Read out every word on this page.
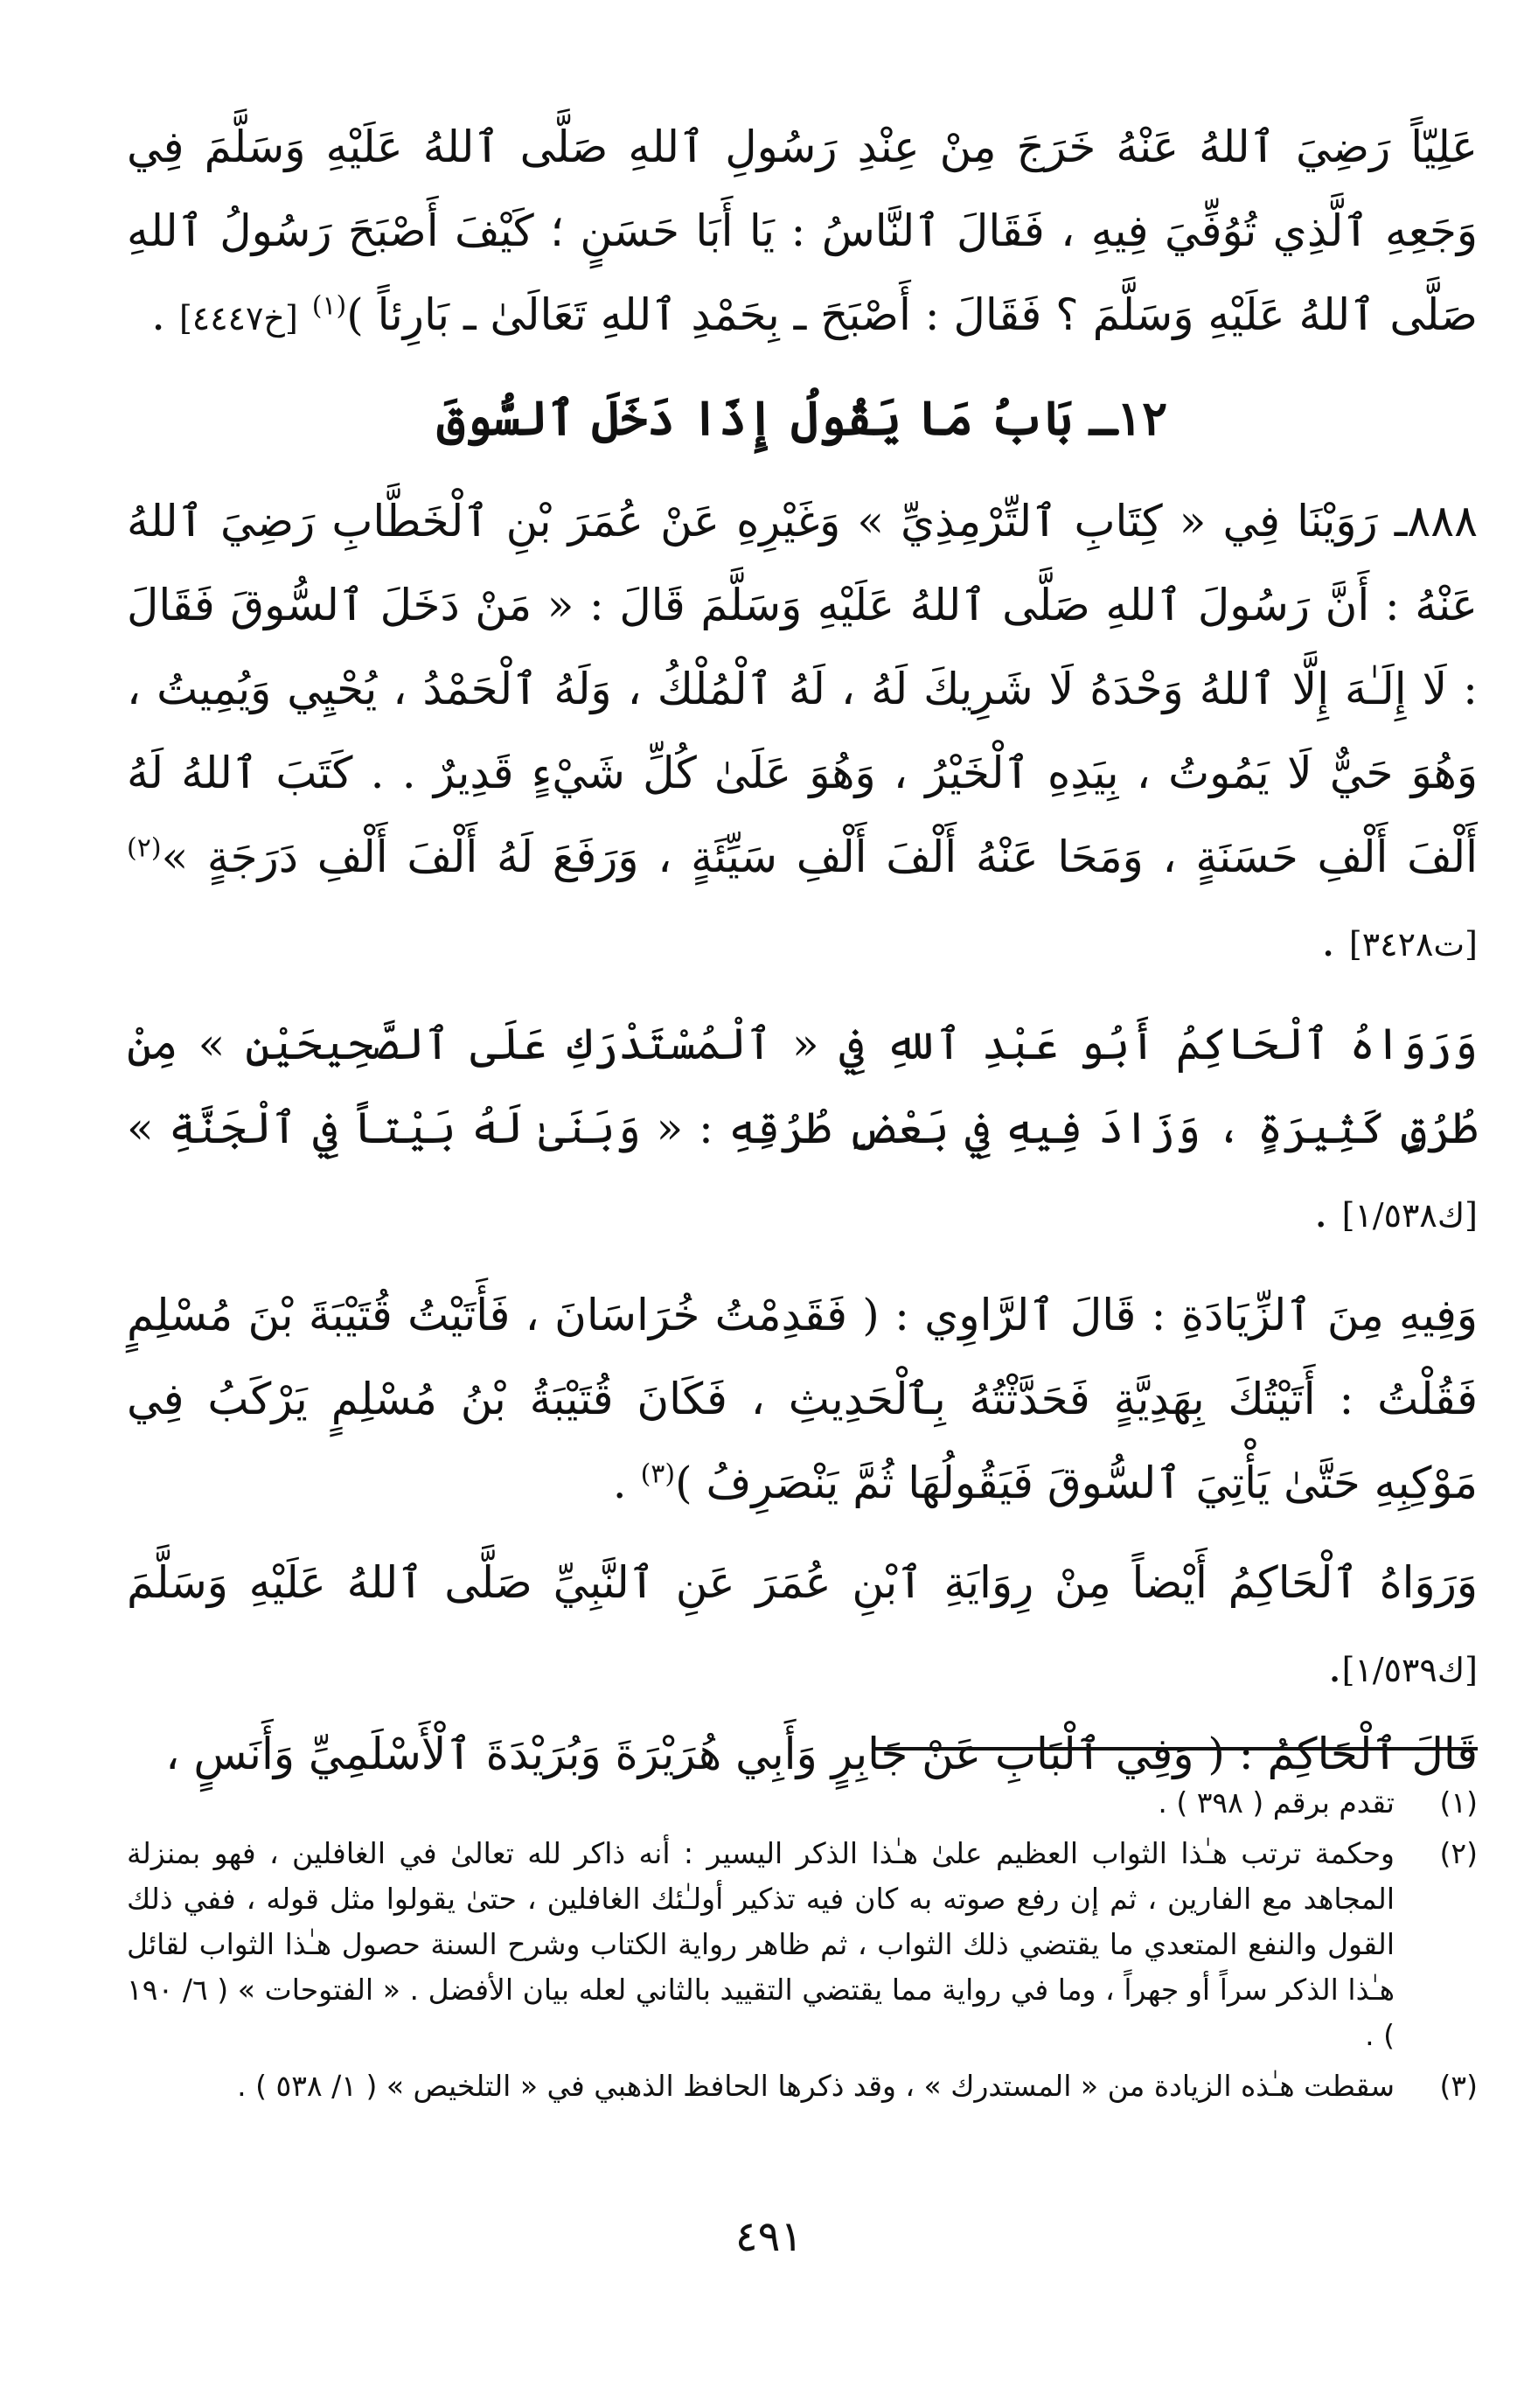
عَلِيّاً رَضِيَ ٱللهُ عَنْهُ خَرَجَ مِنْ عِنْدِ رَسُولِ ٱللهِ صَلَّى ٱللهُ عَلَيْهِ وَسَلَّمَ فِي وَجَعِهِ ٱلَّذِي تُوُفِّيَ فِيهِ ، فَقَالَ ٱلنَّاسُ : يَا أَبَا حَسَنٍ ؛ كَيْفَ أَصْبَحَ رَسُولُ ٱللهِ صَلَّى ٱللهُ عَلَيْهِ وَسَلَّمَ ؟ فَقَالَ : أَصْبَحَ ـ بِحَمْدِ ٱللهِ تَعَالَىٰ ـ بَارِئاً )$^{(١)}$ [خ٤٤٤٧] .

١٢ـ بَابُ مَا يَقُولُ إِذَا دَخَلَ ٱلسُّوقَ

٨٨٨ـ رَوَيْنَا فِي « كِتَابِ ٱلتِّرْمِذِيِّ » وَغَيْرِهِ عَنْ عُمَرَ بْنِ ٱلْخَطَّابِ رَضِيَ ٱللهُ عَنْهُ : أَنَّ رَسُولَ ٱللهِ صَلَّى ٱللهُ عَلَيْهِ وَسَلَّمَ قَالَ : « مَنْ دَخَلَ ٱلسُّوقَ فَقَالَ : لَا إِلَـٰهَ إِلَّا ٱللهُ وَحْدَهُ لَا شَرِيكَ لَهُ ، لَهُ ٱلْمُلْكُ ، وَلَهُ ٱلْحَمْدُ ، يُحْيِي وَيُمِيتُ ، وَهُوَ حَيٌّ لَا يَمُوتُ ، بِيَدِهِ ٱلْخَيْرُ ، وَهُوَ عَلَىٰ كُلِّ شَيْءٍ قَدِيرٌ . . كَتَبَ ٱللهُ لَهُ أَلْفَ أَلْفِ حَسَنَةٍ ، وَمَحَا عَنْهُ أَلْفَ أَلْفِ سَيِّئَةٍ ، وَرَفَعَ لَهُ أَلْفَ أَلْفِ دَرَجَةٍ »$^{(٢)}$ [ت٣٤٢٨] .

وَرَوَاهُ ٱلْحَاكِمُ أَبُو عَبْدِ ٱللهِ فِي « ٱلْمُسْتَدْرَكِ عَلَى ٱلصَّحِيحَيْنِ » مِنْ طُرُقٍ كَثِيرَةٍ ، وَزَادَ فِيهِ فِي بَعْضِ طُرُقِهِ : « وَبَنَىٰ لَهُ بَيْتاً فِي ٱلْجَنَّةِ » [ك١/٥٣٨] .

وَفِيهِ مِنَ ٱلزِّيَادَةِ : قَالَ ٱلرَّاوِي : ( فَقَدِمْتُ خُرَاسَانَ ، فَأَتَيْتُ قُتَيْبَةَ بْنَ مُسْلِمٍ فَقُلْتُ : أَتَيْتُكَ بِهَدِيَّةٍ فَحَدَّثْتُهُ بِٱلْحَدِيثِ ، فَكَانَ قُتَيْبَةُ بْنُ مُسْلِمٍ يَرْكَبُ فِي مَوْكِبِهِ حَتَّىٰ يَأْتِيَ ٱلسُّوقَ فَيَقُولُهَا ثُمَّ يَنْصَرِفُ )$^{(٣)}$ .

وَرَوَاهُ ٱلْحَاكِمُ أَيْضاً مِنْ رِوَايَةِ ٱبْنِ عُمَرَ عَنِ ٱلنَّبِيِّ صَلَّى ٱللهُ عَلَيْهِ وَسَلَّمَ [ك١/٥٣٩].

قَالَ ٱلْحَاكِمُ : ( وَفِي ٱلْبَابِ عَنْ جَابِرٍ وَأَبِي هُرَيْرَةَ وَبُرَيْدَةَ ٱلْأَسْلَمِيِّ وَأَنَسٍ ،

(١)
تقدم برقم ( ٣٩٨ ) .
(٢)
وحكمة ترتب هـٰذا الثواب العظيم علىٰ هـٰذا الذكر اليسير : أنه ذاكر لله تعالىٰ في الغافلين ، فهو بمنزلة المجاهد مع الفارين ، ثم إن رفع صوته به كان فيه تذكير أولـٰئك الغافلين ، حتىٰ يقولوا مثل قوله ، ففي ذلك القول والنفع المتعدي ما يقتضي ذلك الثواب ، ثم ظاهر رواية الكتاب وشرح السنة حصول هـٰذا الثواب لقائل هـٰذا الذكر سراً أو جهراً ، وما في رواية مما يقتضي التقييد بالثاني لعله بيان الأفضل . « الفتوحات » ( ٦/ ١٩٠ ) .
(٣)
سقطت هـٰذه الزيادة من « المستدرك » ، وقد ذكرها الحافظ الذهبي في « التلخيص » ( ١/ ٥٣٨ ) .
٤٩١
